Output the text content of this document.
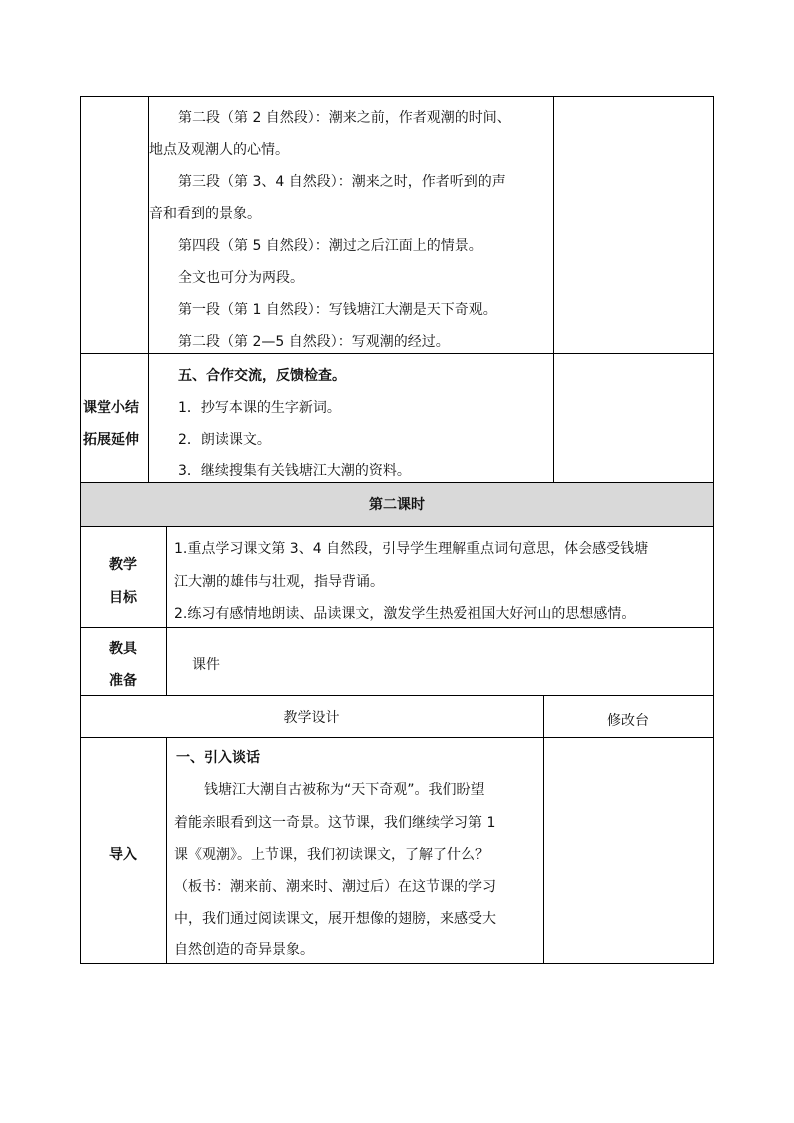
第二段（第 2 自然段）：潮来之前，作者观潮的时间、
地点及观潮人的心情。
第三段（第 3、4 自然段）：潮来之时，作者听到的声
音和看到的景象。
第四段（第 5 自然段）：潮过之后江面上的情景。
全文也可分为两段。
第一段（第 1 自然段）：写钱塘江大潮是天下奇观。
第二段（第 2—5 自然段）：写观潮的经过。
课堂小结
拓展延伸
五、合作交流，反馈检查。
1．抄写本课的生字新词。
2．朗读课文。
3．继续搜集有关钱塘江大潮的资料。
第二课时
教学
目标
1.重点学习课文第 3、4 自然段，引导学生理解重点词句意思，体会感受钱塘
江大潮的雄伟与壮观，指导背诵。
2.练习有感情地朗读、品读课文，激发学生热爱祖国大好河山的思想感情。
教具
准备
课件
教学设计	修改台
导入
一、引入谈话
钱塘江大潮自古被称为“天下奇观”。我们盼望
着能亲眼看到这一奇景。这节课，我们继续学习第 1
课《观潮》。上节课，我们初读课文，了解了什么？
（板书：潮来前、潮来时、潮过后）在这节课的学习
中，我们通过阅读课文，展开想像的翅膀，来感受大
自然创造的奇异景象。
